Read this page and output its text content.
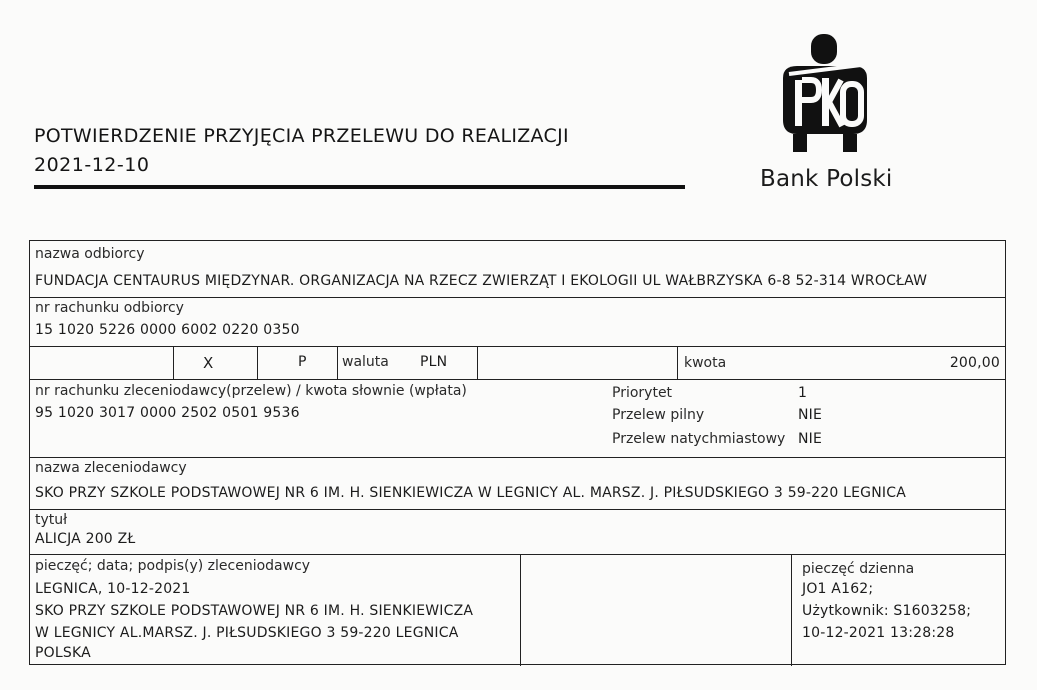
POTWIERDZENIE PRZYJĘCIA PRZELEWU DO REALIZACJI
2021-12-10
Bank Polski
nazwa odbiorcy
FUNDACJA CENTAURUS MIĘDZYNAR. ORGANIZACJA NA RZECZ ZWIERZĄT I EKOLOGII UL WAŁBRZYSKA 6-8 52-314 WROCŁAW
nr rachunku odbiorcy
15 1020 5226 0000 6002 0220 0350
X	P	waluta PLN	kwota	200,00
nr rachunku zleceniodawcy(przelew) / kwota słownie (wpłata)
95 1020 3017 0000 2502 0501 9536
Priorytet	1
Przelew pilny	NIE
Przelew natychmiastowy NIE
nazwa zleceniodawcy
SKO PRZY SZKOLE PODSTAWOWEJ NR 6 IM. H. SIENKIEWICZA W LEGNICY AL. MARSZ. J. PIŁSUDSKIEGO 3 59-220 LEGNICA
tytuł
ALICJA 200 ZŁ
pieczęć; data; podpis(y) zleceniodawcy
LEGNICA, 10-12-2021
SKO PRZY SZKOLE PODSTAWOWEJ NR 6 IM. H. SIENKIEWICZA
W LEGNICY AL.MARSZ. J. PIŁSUDSKIEGO 3 59-220 LEGNICA
POLSKA
pieczęć dzienna
JO1 A162;
Użytkownik: S1603258;
10-12-2021 13:28:28
